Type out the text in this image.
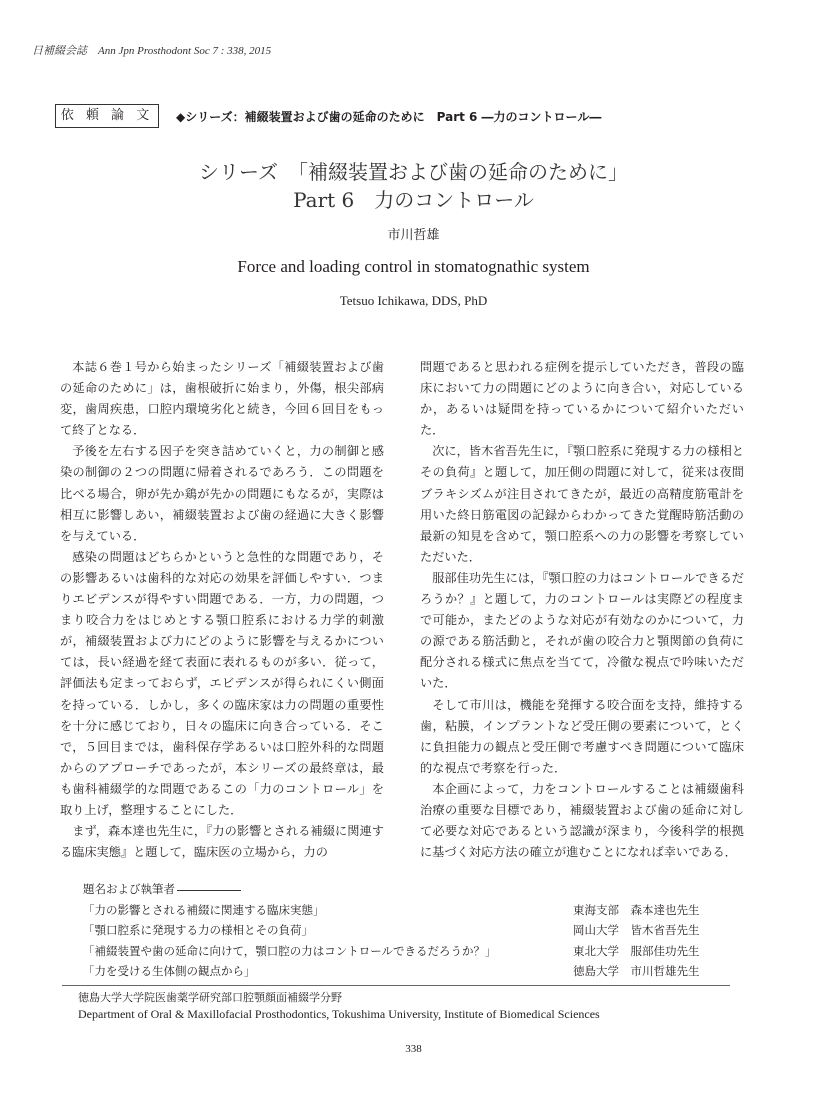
日補綴会誌　Ann Jpn Prosthodont Soc 7 : 338, 2015
依 頼 論 文	◆シリーズ：補綴装置および歯の延命のために　Part 6 ―力のコントロール―
シリーズ　「補綴装置および歯の延命のために」
Part 6　力のコントロール
市川哲雄
Force and loading control in stomatognathic system
Tetsuo Ichikawa, DDS, PhD

本誌６巻１号から始まったシリーズ「補綴装置および歯の延命のために」は，歯根破折に始まり，外傷，根尖部病変，歯周疾患，口腔内環境劣化と続き，今回６回目をもって終了となる．

予後を左右する因子を突き詰めていくと，力の制御と感染の制御の２つの問題に帰着されるであろう．この問題を比べる場合，卵が先か鶏が先かの問題にもなるが，実際は相互に影響しあい，補綴装置および歯の経過に大きく影響を与えている．

感染の問題はどちらかというと急性的な問題であり，その影響あるいは歯科的な対応の効果を評価しやすい．つまりエビデンスが得やすい問題である．一方，力の問題，つまり咬合力をはじめとする顎口腔系における力学的刺激が，補綴装置および力にどのように影響を与えるかについては，長い経過を経て表面に表れるものが多い．従って，評価法も定まっておらず，エビデンスが得られにくい側面を持っている．しかし，多くの臨床家は力の問題の重要性を十分に感じており，日々の臨床に向き合っている．そこで，５回目までは，歯科保存学あるいは口腔外科的な問題からのアプローチであったが，本シリーズの最終章は，最も歯科補綴学的な問題であるこの「力のコントロール」を取り上げ，整理することにした．

まず，森本達也先生に，『力の影響とされる補綴に関連する臨床実態』と題して，臨床医の立場から，力の

問題であると思われる症例を提示していただき，普段の臨床において力の問題にどのように向き合い，対応しているか，あるいは疑問を持っているかについて紹介いただいた．

次に，皆木省吾先生に，『顎口腔系に発現する力の様相とその負荷』と題して，加圧側の問題に対して，従来は夜間ブラキシズムが注目されてきたが，最近の高精度筋電計を用いた終日筋電図の記録からわかってきた覚醒時筋活動の最新の知見を含めて，顎口腔系への力の影響を考察していただいた．

服部佳功先生には，『顎口腔の力はコントロールできるだろうか？』と題して，力のコントロールは実際どの程度まで可能か，またどのような対応が有効なのかについて，力の源である筋活動と，それが歯の咬合力と顎関節の負荷に配分される様式に焦点を当てて，冷徹な視点で吟味いただいた．

そして市川は，機能を発揮する咬合面を支持，維持する歯，粘膜，インプラントなど受圧側の要素について，とくに負担能力の観点と受圧側で考慮すべき問題について臨床的な視点で考察を行った．

本企画によって，力をコントロールすることは補綴歯科治療の重要な目標であり，補綴装置および歯の延命に対して必要な対応であるという認識が深まり，今後科学的根拠に基づく対応方法の確立が進むことになれば幸いである．

題名および執筆者
「力の影響とされる補綴に関連する臨床実態」	東海支部　森本達也先生
「顎口腔系に発現する力の様相とその負荷」	岡山大学　皆木省吾先生
「補綴装置や歯の延命に向けて，顎口腔の力はコントロールできるだろうか？」	東北大学　服部佳功先生
「力を受ける生体側の観点から」	徳島大学　市川哲雄先生
徳島大学大学院医歯薬学研究部口腔顎顔面補綴学分野
Department of Oral & Maxillofacial Prosthodontics, Tokushima University, Institute of Biomedical Sciences
338
